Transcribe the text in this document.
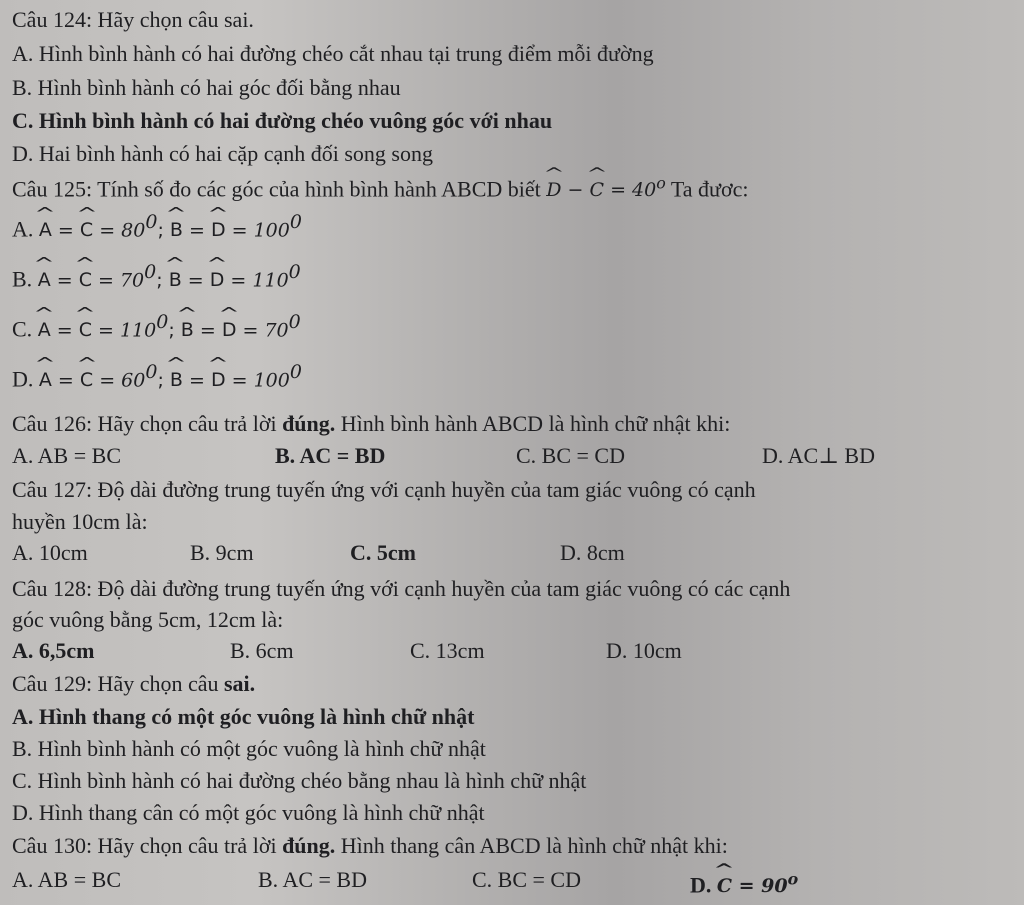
Câu 124: Hãy chọn câu sai.
A. Hình bình hành có hai đường chéo cắt nhau tại trung điểm mỗi đường
B. Hình bình hành có hai góc đối bằng nhau
C. Hình bình hành có hai đường chéo vuông góc với nhau
D. Hai bình hành có hai cặp cạnh đối song song
Câu 125: Tính số đo các góc của hình bình hành ABCD biết ^ D − ^ $C = 40^o$ Ta đươc:
A. ^ A = ^ $C = 80^0$; ^ B = ^ $D = 100^0$
B. ^ A = ^ $C = 70^0$; ^ B = ^ $D = 110^0$
C. ^ A = ^ $C = 110^0$; ^ B = ^ $D = 70^0$
D. ^ A = ^ $C = 60^0$; ^ B = ^ $D = 100^0$
Câu 126: Hãy chọn câu trả lời đúng. Hình bình hành ABCD là hình chữ nhật khi:
A. AB = BC	B. AC = BD	C. BC = CD	D. AC⊥ BD
Câu 127: Độ dài đường trung tuyến ứng với cạnh huyền của tam giác vuông có cạnh
huyền 10cm là:
A. 10cm	B. 9cm	C. 5cm	D. 8cm
Câu 128: Độ dài đường trung tuyến ứng với cạnh huyền của tam giác vuông có các cạnh
góc vuông bằng 5cm, 12cm là:
A. 6,5cm	B. 6cm	C. 13cm	D. 10cm
Câu 129: Hãy chọn câu sai.
A. Hình thang có một góc vuông là hình chữ nhật
B. Hình bình hành có một góc vuông là hình chữ nhật
C. Hình bình hành có hai đường chéo bằng nhau là hình chữ nhật
D. Hình thang cân có một góc vuông là hình chữ nhật
Câu 130: Hãy chọn câu trả lời đúng. Hình thang cân ABCD là hình chữ nhật khi:
A. AB = BC	B. AC = BD	C. BC = CD	D. ^ $C = 90^o$
